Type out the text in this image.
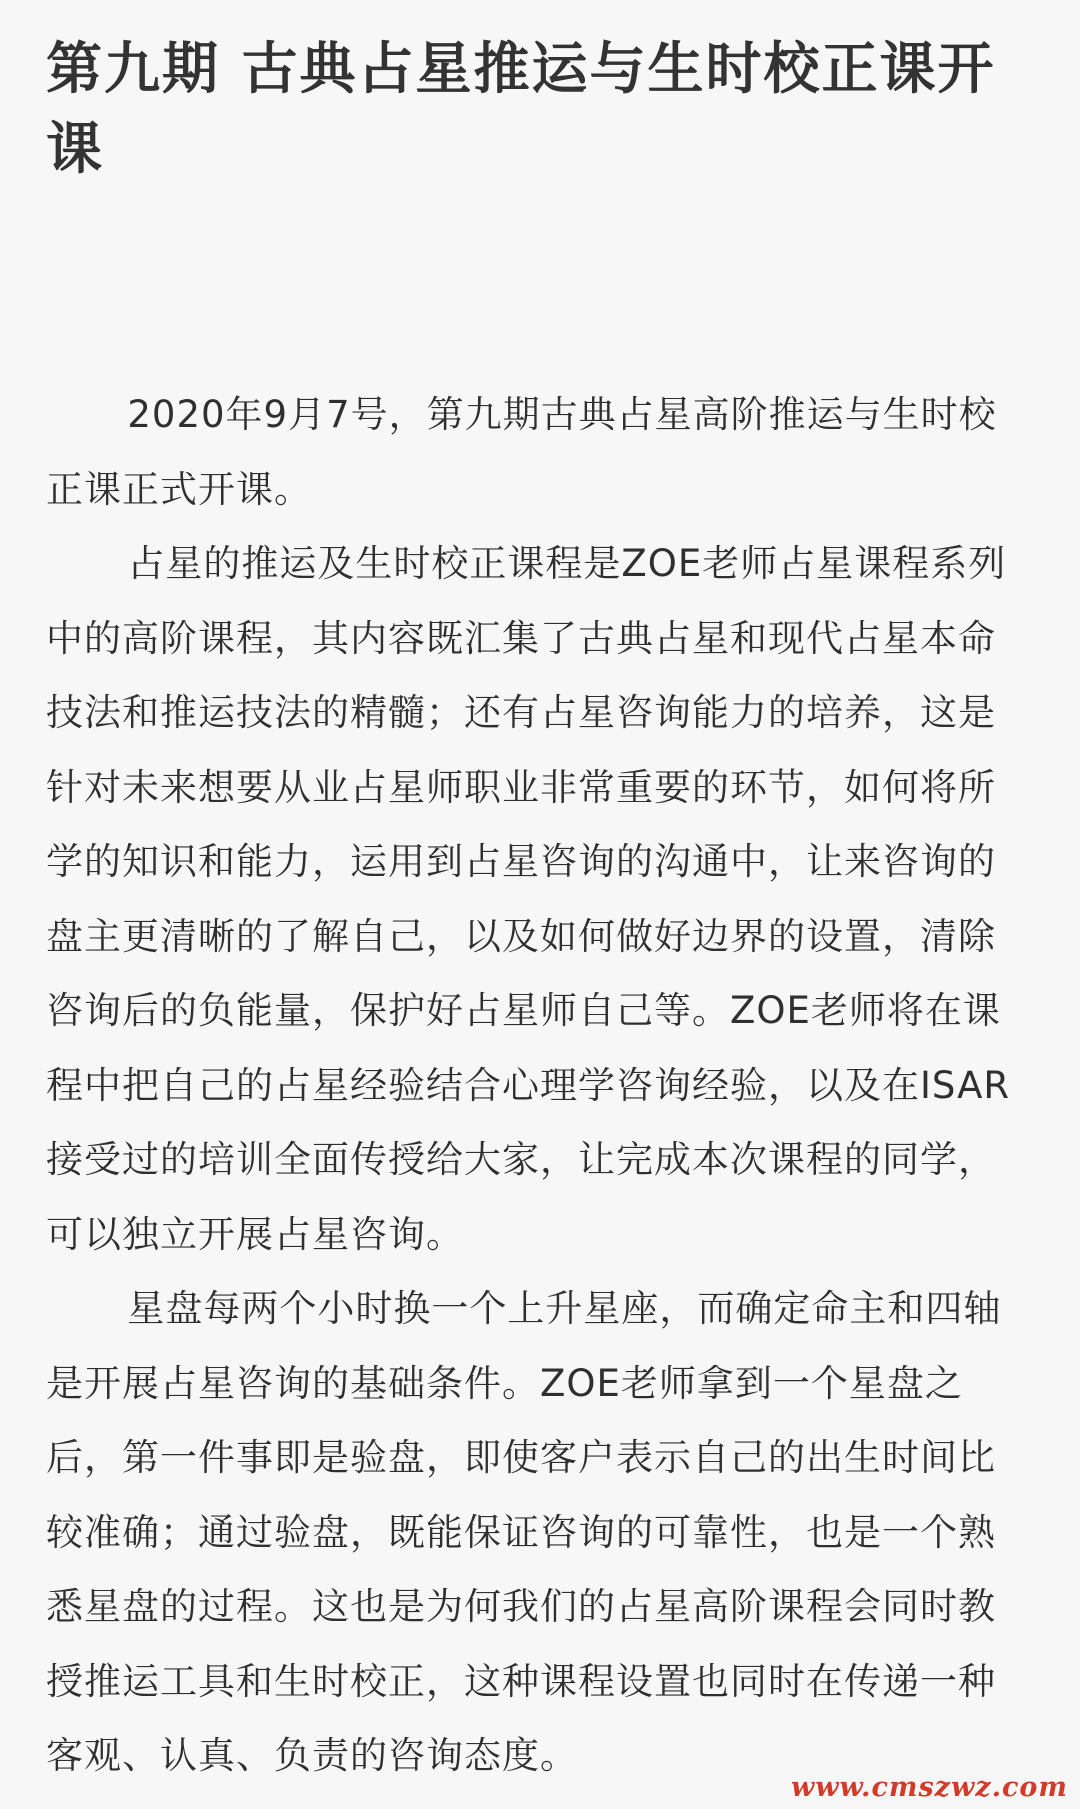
第九期 古典占星推运与生时校正课开课

2020年9月7号，第九期古典占星高阶推运与生时校正课正式开课。

占星的推运及生时校正课程是ZOE老师占星课程系列中的高阶课程，其内容既汇集了古典占星和现代占星本命技法和推运技法的精髓；还有占星咨询能力的培养，这是针对未来想要从业占星师职业非常重要的环节，如何将所学的知识和能力，运用到占星咨询的沟通中，让来咨询的盘主更清晰的了解自己，以及如何做好边界的设置，清除咨询后的负能量，保护好占星师自己等。ZOE老师将在课程中把自己的占星经验结合心理学咨询经验，以及在ISAR接受过的培训全面传授给大家，让完成本次课程的同学，可以独立开展占星咨询。

星盘每两个小时换一个上升星座，而确定命主和四轴是开展占星咨询的基础条件。ZOE老师拿到一个星盘之后，第一件事即是验盘，即使客户表示自己的出生时间比较准确；通过验盘，既能保证咨询的可靠性，也是一个熟悉星盘的过程。这也是为何我们的占星高阶课程会同时教授推运工具和生时校正，这种课程设置也同时在传递一种客观、认真、负责的咨询态度。

www.cmszwz.com
